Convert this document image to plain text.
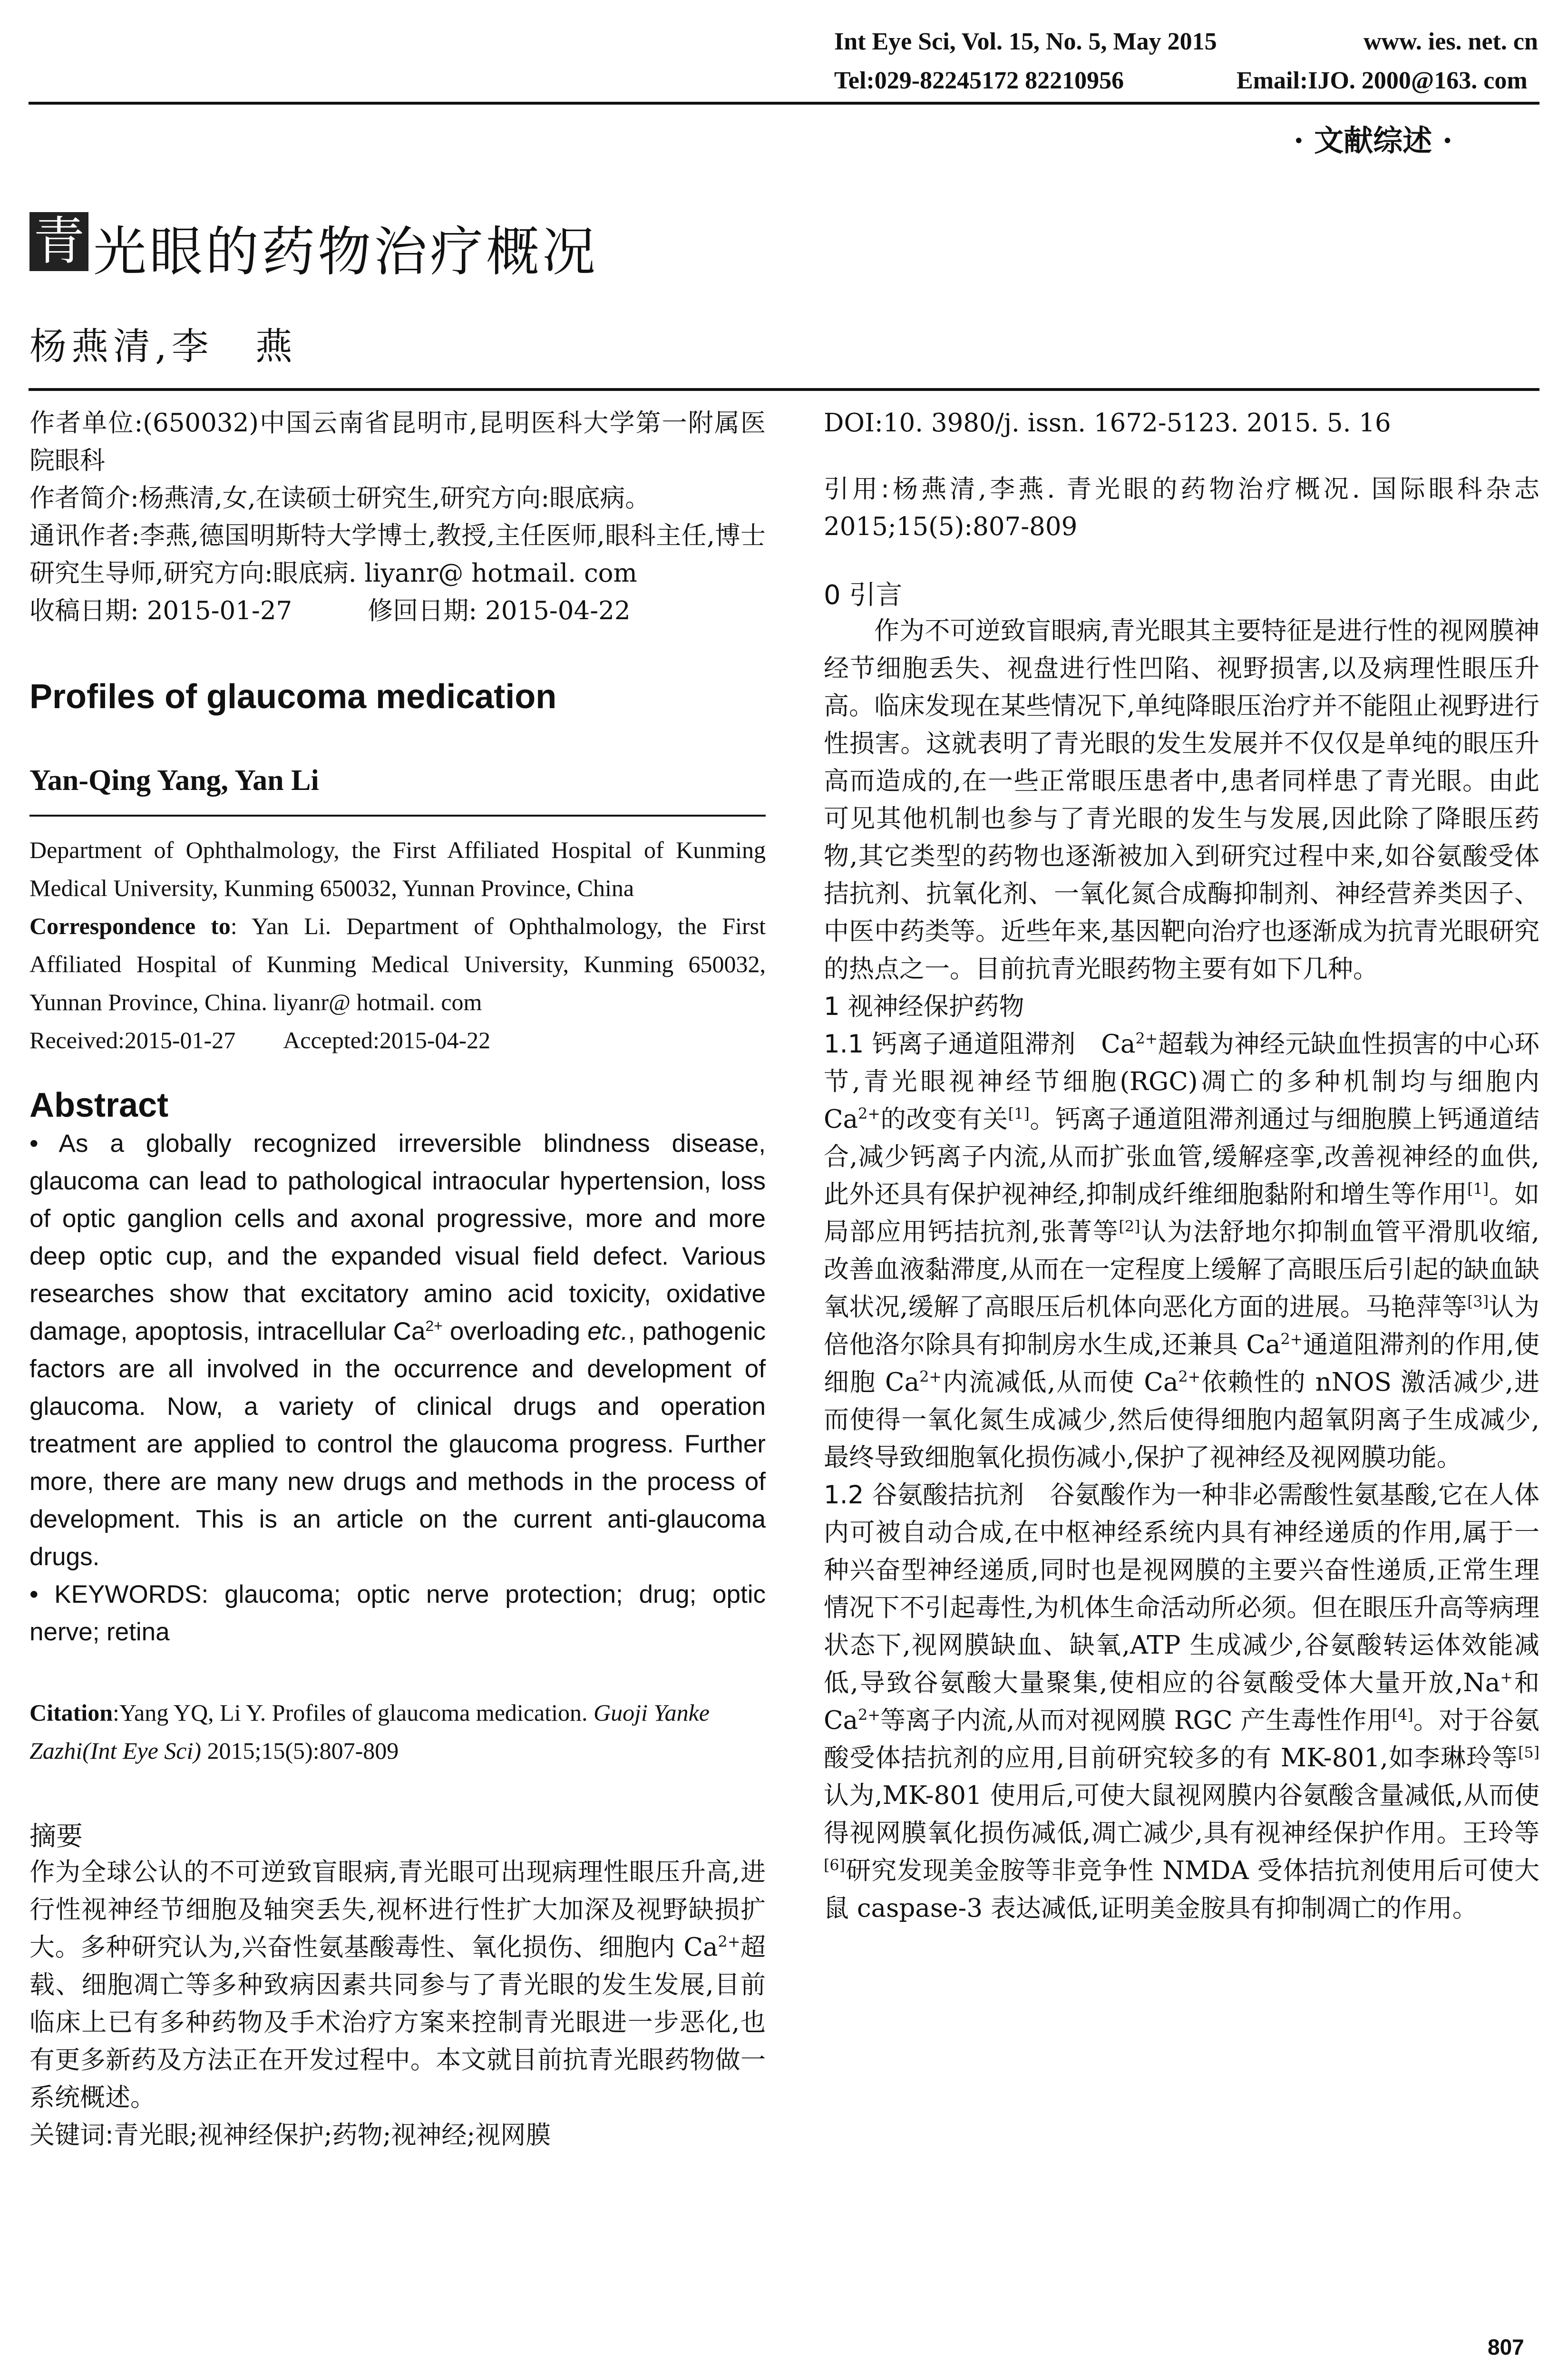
Int Eye Sci, Vol. 15, No. 5, May 2015	www. ies. net. cn
Tel:029-82245172 82210956	Email:IJO. 2000@163. com
· 文献综述 ·
青 光眼的药物治疗概况
杨燕清,李　燕

作者单位:(650032)中国云南省昆明市,昆明医科大学第一附属医院眼科

作者简介:杨燕清,女,在读硕士研究生,研究方向:眼底病。

通讯作者:李燕,德国明斯特大学博士,教授,主任医师,眼科主任,博士研究生导师,研究方向:眼底病. liyanr@ hotmail. com

收稿日期: 2015-01-27　　　修回日期: 2015-04-22

Profiles of glaucoma medication

Yan-Qing Yang, Yan Li

Department of Ophthalmology, the First Affiliated Hospital of Kunming Medical University, Kunming 650032, Yunnan Province, China

Correspondence to: Yan Li. Department of Ophthalmology, the First Affiliated Hospital of Kunming Medical University, Kunming 650032, Yunnan Province, China. liyanr@ hotmail. com

Received:2015-01-27　　Accepted:2015-04-22

Abstract

• As a globally recognized irreversible blindness disease, glaucoma can lead to pathological intraocular hypertension, loss of optic ganglion cells and axonal progressive, more and more deep optic cup, and the expanded visual field defect. Various researches show that excitatory amino acid toxicity, oxidative damage, apoptosis, intracellular $Ca^{2+}$ overloading etc., pathogenic factors are all involved in the occurrence and development of glaucoma. Now, a variety of clinical drugs and operation treatment are applied to control the glaucoma progress. Further more, there are many new drugs and methods in the process of development. This is an article on the current anti-glaucoma drugs.

• KEYWORDS: glaucoma; optic nerve protection; drug; optic nerve; retina

Citation:Yang YQ, Li Y. Profiles of glaucoma medication. Guoji Yanke Zazhi(Int Eye Sci) 2015;15(5):807-809

摘要

作为全球公认的不可逆致盲眼病,青光眼可出现病理性眼压升高,进行性视神经节细胞及轴突丢失,视杯进行性扩大加深及视野缺损扩大。多种研究认为,兴奋性氨基酸毒性、氧化损伤、细胞内 $Ca^{2+}$超载、细胞凋亡等多种致病因素共同参与了青光眼的发生发展,目前临床上已有多种药物及手术治疗方案来控制青光眼进一步恶化,也有更多新药及方法正在开发过程中。本文就目前抗青光眼药物做一系统概述。

关键词:青光眼;视神经保护;药物;视神经;视网膜

DOI:10. 3980/j. issn. 1672-5123. 2015. 5. 16

引用:杨燕清,李燕. 青光眼的药物治疗概况. 国际眼科杂志 2015;15(5):807-809

0 引言

作为不可逆致盲眼病,青光眼其主要特征是进行性的视网膜神经节细胞丢失、视盘进行性凹陷、视野损害,以及病理性眼压升高。临床发现在某些情况下,单纯降眼压治疗并不能阻止视野进行性损害。这就表明了青光眼的发生发展并不仅仅是单纯的眼压升高而造成的,在一些正常眼压患者中,患者同样患了青光眼。由此可见其他机制也参与了青光眼的发生与发展,因此除了降眼压药物,其它类型的药物也逐渐被加入到研究过程中来,如谷氨酸受体拮抗剂、抗氧化剂、一氧化氮合成酶抑制剂、神经营养类因子、中医中药类等。近些年来,基因靶向治疗也逐渐成为抗青光眼研究的热点之一。目前抗青光眼药物主要有如下几种。

1 视神经保护药物

1.1 钙离子通道阻滞剂　$Ca^{2+}$超载为神经元缺血性损害的中心环节,青光眼视神经节细胞(RGC)凋亡的多种机制均与细胞内 $Ca^{2+}$的改变有关[1]。钙离子通道阻滞剂通过与细胞膜上钙通道结合,减少钙离子内流,从而扩张血管,缓解痉挛,改善视神经的血供,此外还具有保护视神经,抑制成纤维细胞黏附和增生等作用[1]。如局部应用钙拮抗剂,张菁等[2]认为法舒地尔抑制血管平滑肌收缩,改善血液黏滞度,从而在一定程度上缓解了高眼压后引起的缺血缺氧状况,缓解了高眼压后机体向恶化方面的进展。马艳萍等[3]认为倍他洛尔除具有抑制房水生成,还兼具 $Ca^{2+}$通道阻滞剂的作用,使细胞 $Ca^{2+}$内流减低,从而使 $Ca^{2+}$依赖性的 nNOS 激活减少,进而使得一氧化氮生成减少,然后使得细胞内超氧阴离子生成减少,最终导致细胞氧化损伤减小,保护了视神经及视网膜功能。

1.2 谷氨酸拮抗剂　谷氨酸作为一种非必需酸性氨基酸,它在人体内可被自动合成,在中枢神经系统内具有神经递质的作用,属于一种兴奋型神经递质,同时也是视网膜的主要兴奋性递质,正常生理情况下不引起毒性,为机体生命活动所必须。但在眼压升高等病理状态下,视网膜缺血、缺氧,ATP 生成减少,谷氨酸转运体效能减低,导致谷氨酸大量聚集,使相应的谷氨酸受体大量开放,Na+和 $Ca^{2+}$等离子内流,从而对视网膜 RGC 产生毒性作用[4]。对于谷氨酸受体拮抗剂的应用,目前研究较多的有 MK-801,如李琳玲等[5]认为,MK-801 使用后,可使大鼠视网膜内谷氨酸含量减低,从而使得视网膜氧化损伤减低,凋亡减少,具有视神经保护作用。王玲等[6]研究发现美金胺等非竞争性 NMDA 受体拮抗剂使用后可使大鼠 caspase-3 表达减低,证明美金胺具有抑制凋亡的作用。

807
